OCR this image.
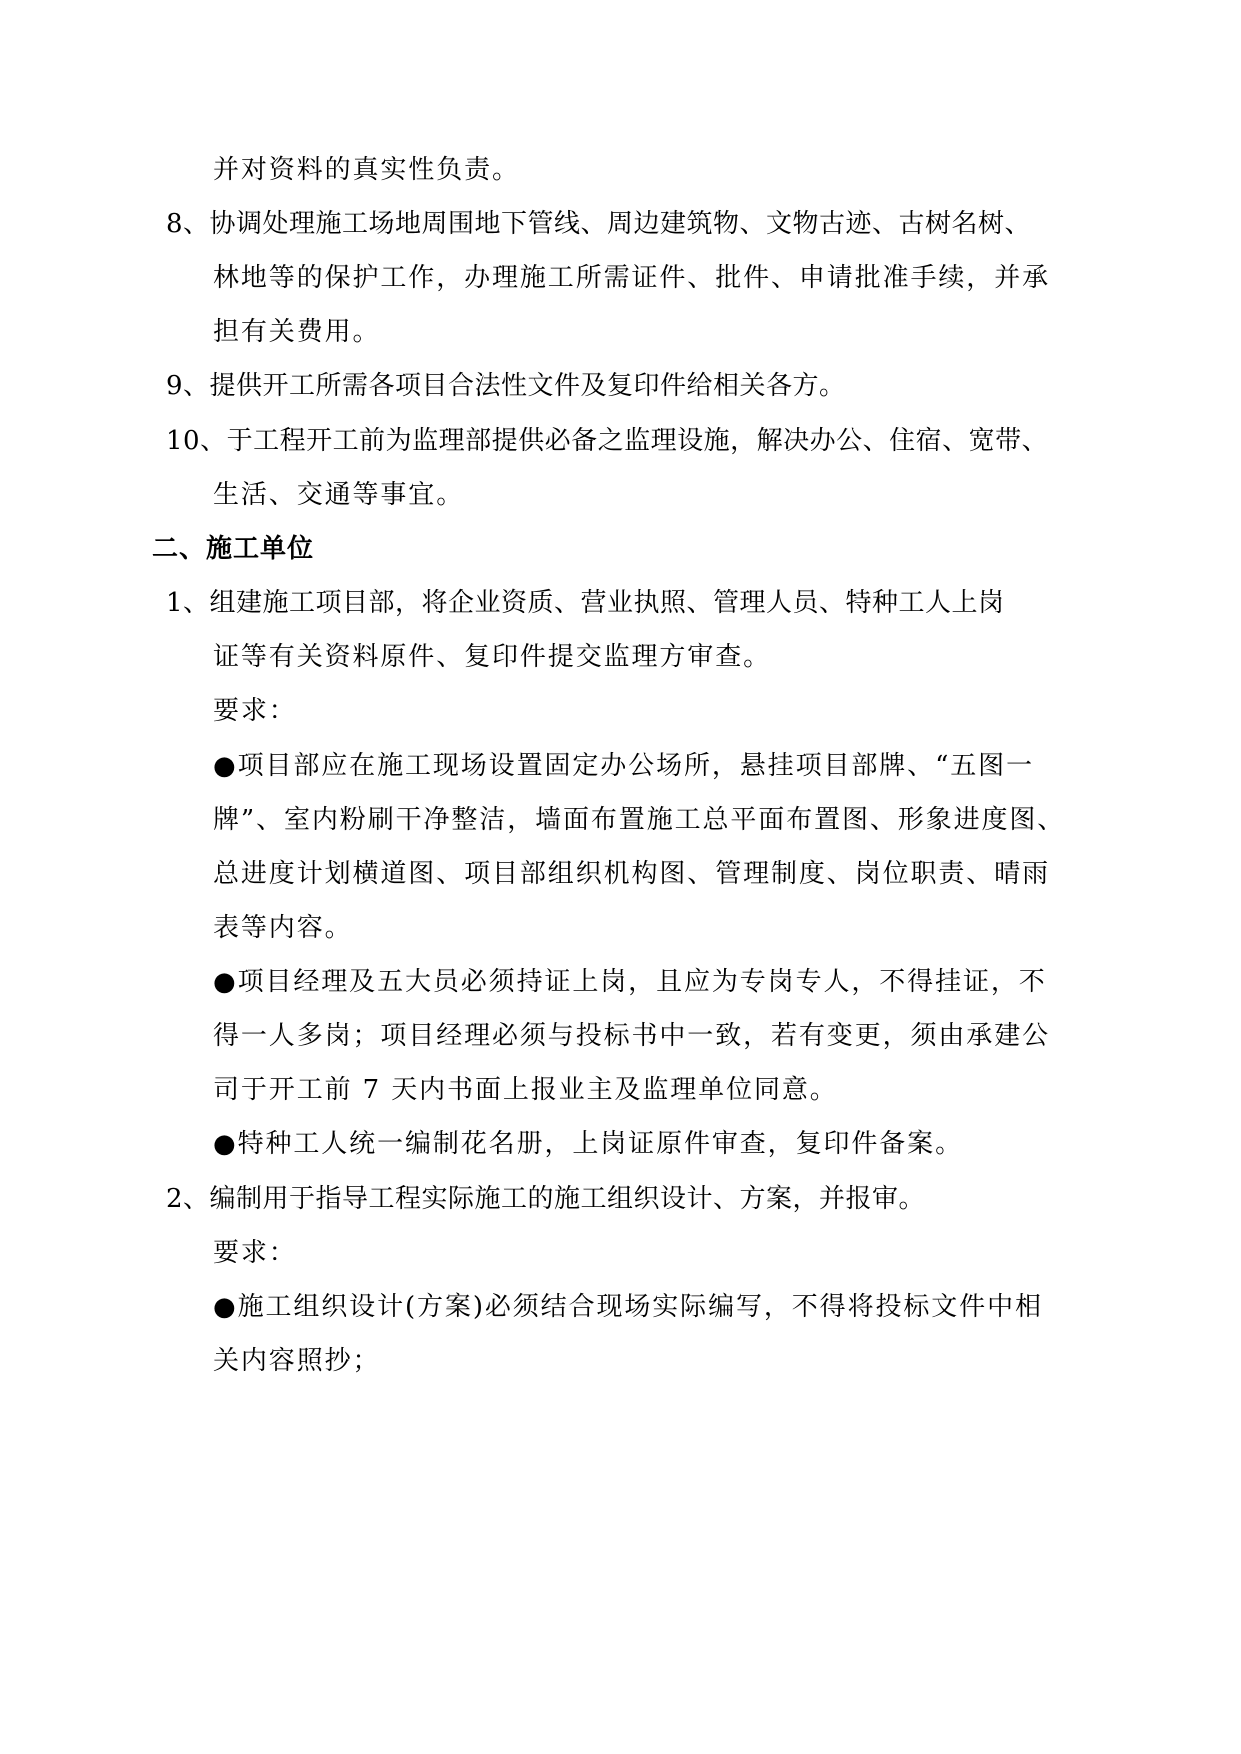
并对资料的真实性负责。
8、协调处理施工场地周围地下管线、周边建筑物、文物古迹、古树名树、
林地等的保护工作，办理施工所需证件、批件、申请批准手续，并承
担有关费用。
9、提供开工所需各项目合法性文件及复印件给相关各方。
10、于工程开工前为监理部提供必备之监理设施，解决办公、住宿、宽带、
生活、交通等事宜。
二、施工单位
1、组建施工项目部，将企业资质、营业执照、管理人员、特种工人上岗
证等有关资料原件、复印件提交监理方审查。
要求：
●项目部应在施工现场设置固定办公场所，悬挂项目部牌、“五图一
牌”、室内粉刷干净整洁，墙面布置施工总平面布置图、形象进度图、
总进度计划横道图、项目部组织机构图、管理制度、岗位职责、晴雨
表等内容。
●项目经理及五大员必须持证上岗，且应为专岗专人，不得挂证，不
得一人多岗；项目经理必须与投标书中一致，若有变更，须由承建公
司于开工前 7 天内书面上报业主及监理单位同意。
●特种工人统一编制花名册，上岗证原件审查，复印件备案。
2、编制用于指导工程实际施工的施工组织设计、方案，并报审。
要求：
●施工组织设计(方案)必须结合现场实际编写，不得将投标文件中相
关内容照抄；
